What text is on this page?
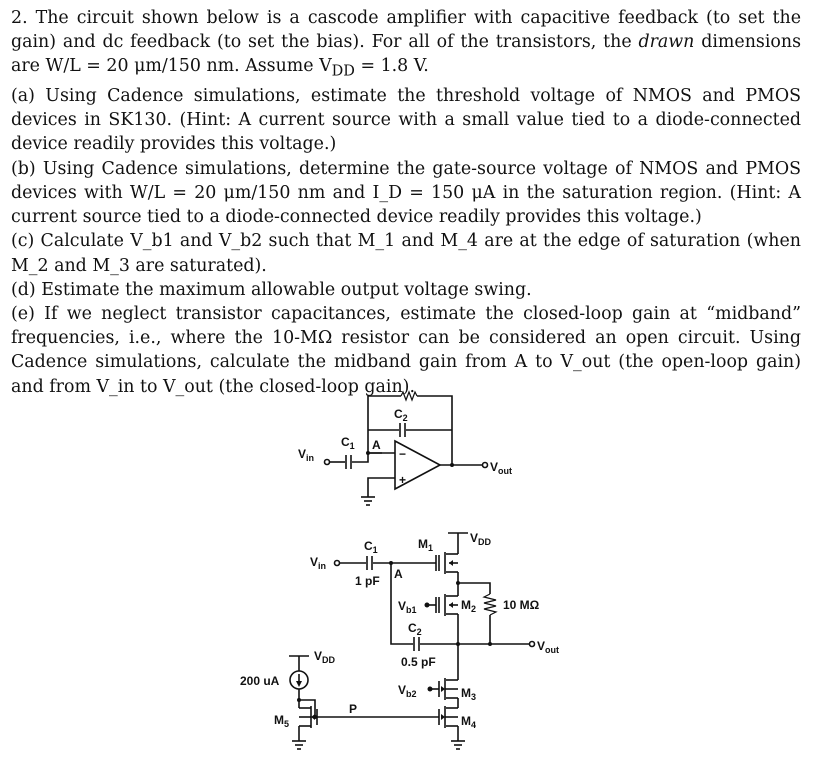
2. The circuit shown below is a cascode amplifier with capacitive feedback (to set the gain) and dc feedback (to set the bias). For all of the transistors, the drawn dimensions are W/L = 20 μm/150 nm. Assume $V_{DD} = 1.8$ V.

(a) Using Cadence simulations, estimate the threshold voltage of NMOS and PMOS devices in SK130. (Hint: A current source with a small value tied to a diode-connected device readily provides this voltage.)

(b) Using Cadence simulations, determine the gate-source voltage of NMOS and PMOS devices with W/L = 20 μm/150 nm and I_D = 150 μA in the saturation region. (Hint: A current source tied to a diode-connected device readily provides this voltage.)

(c) Calculate V_b1 and V_b2 such that M_1 and M_4 are at the edge of saturation (when M_2 and M_3 are saturated).

(d) Estimate the maximum allowable output voltage swing.

(e) If we neglect transistor capacitances, estimate the closed-loop gain at “midband” frequencies, i.e., where the 10-MΩ resistor can be considered an open circuit. Using Cadence simulations, calculate the midband gain from A to V_out (the open-loop gain) and from V_in to V_out (the closed-loop gain).

−
+
$C_2$
$V_{out}$
$V_{in}$
$C_1$ A
$V_{DD}$
$M_1$
$V_{in}$
$C_1$
1 pF A
$V_{b1}$	$M_2$ 10 MΩ
$V_{out}$
$C_2$
0.5 pF
$V_{b2}$	$M_3$
$M_4$
$V_{DD}$
200 uA
P
$M_5$
